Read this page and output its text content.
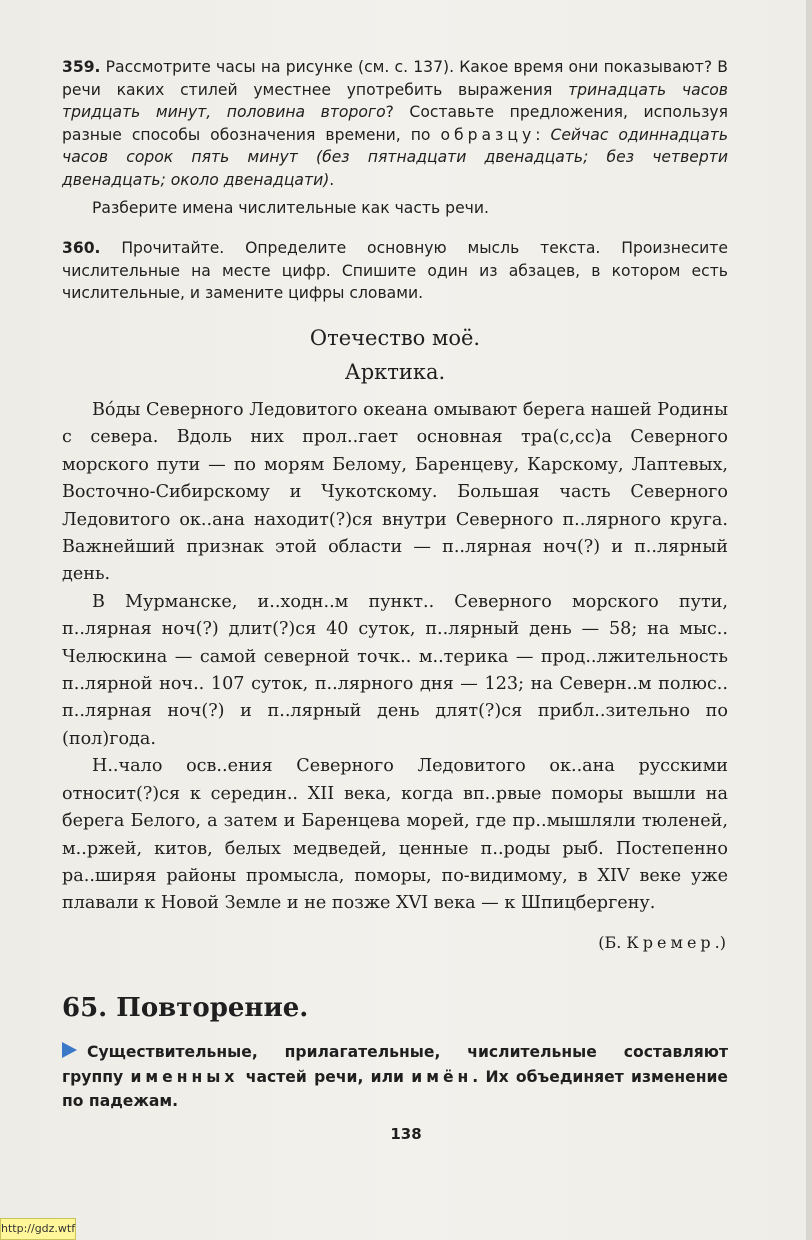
359. Рассмотрите часы на рисунке (см. с. 137). Какое время они показывают? В речи каких стилей уместнее употребить выражения тринадцать часов тридцать минут, половина второго? Составьте предложения, используя разные способы обозначения времени, по образцу: Сейчас одиннадцать часов сорок пять минут (без пятнадцати двенадцать; без четверти двенадцать; около двенадцати).

Разберите имена числительные как часть речи.

360. Прочитайте. Определите основную мысль текста. Произнесите числительные на месте цифр. Спишите один из абзацев, в котором есть числительные, и замените цифры словами.

Отечество моё.

Арктика.

Вóды Северного Ледовитого океана омывают берега нашей Родины с севера. Вдоль них прол..гает основная тра(с,сс)а Северного морского пути — по морям Белому, Баренцеву, Карскому, Лаптевых, Восточно-Сибирскому и Чукотскому. Большая часть Северного Ледовитого ок..ана находит(?)ся внутри Северного п..лярного круга. Важнейший признак этой области — п..лярная ноч(?) и п..лярный день.

В Мурманске, и..ходн..м пункт.. Северного морского пути, п..лярная ноч(?) длит(?)ся 40 суток, п..лярный день — 58; на мыс.. Челюскина — самой северной точк.. м..терика — прод..лжительность п..лярной ноч.. 107 суток, п..лярного дня — 123; на Северн..м полюс.. п..лярная ноч(?) и п..лярный день длят(?)ся прибл..зительно по (пол)года.

Н..чало осв..ения Северного Ледовитого ок..ана русскими относит(?)ся к середин.. XII века, когда вп..рвые поморы вышли на берега Белого, а затем и Баренцева морей, где пр..мышляли тюленей, м..ржей, китов, белых медведей, ценные п..роды рыб. Постепенно ра..ширяя районы промысла, поморы, по-видимому, в XIV веке уже плавали к Новой Земле и не позже XVI века — к Шпицбергену.

(Б. Кремер.)

65. Повторение.

Существительные, прилагательные, числительные составляют группу именных частей речи, или имён. Их объединяет изменение по падежам.

138
http://gdz.wtf
